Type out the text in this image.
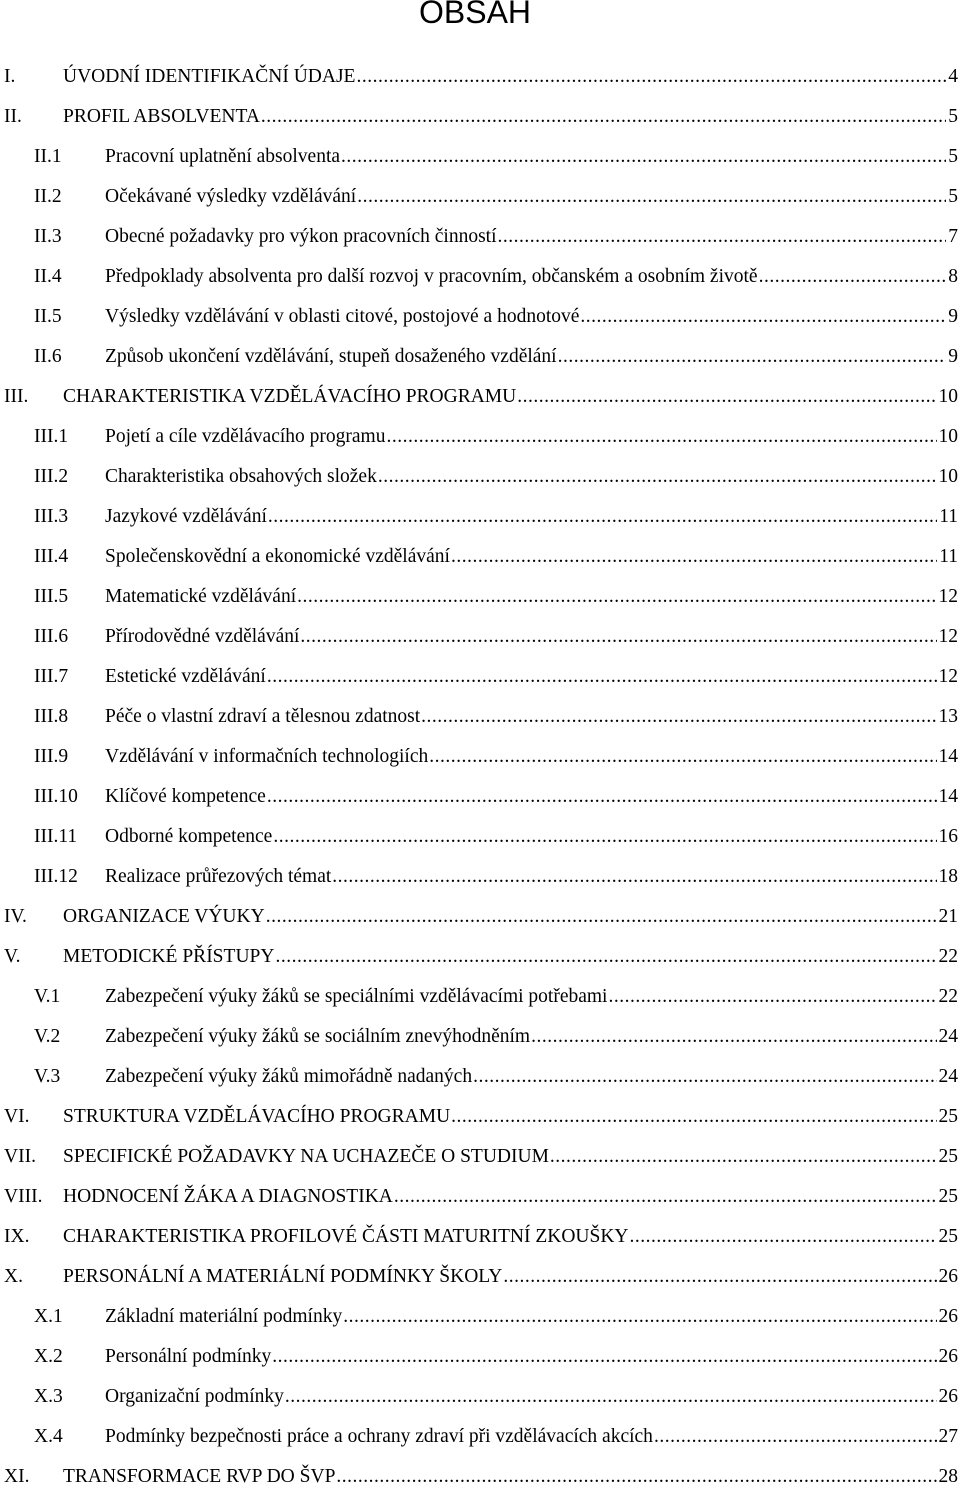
OBSAH
I. ÚVODNÍ IDENTIFIKAČNÍ ÚDAJE .....	4
II. PROFIL ABSOLVENTA .....	5
II.1 Pracovní uplatnění absolventa .....	5
II.2 Očekávané výsledky vzdělávání .....	5
II.3 Obecné požadavky pro výkon pracovních činností .....	7
II.4 Předpoklady absolventa pro další rozvoj v pracovním, občanském a osobním životě .....	8
II.5 Výsledky vzdělávání v oblasti citové, postojové a hodnotové .....	9
II.6 Způsob ukončení vzdělávání, stupeň dosaženého vzdělání .....	9
III. CHARAKTERISTIKA VZDĚLÁVACÍHO PROGRAMU .....	10
III.1 Pojetí a cíle vzdělávacího programu .....	10
III.2 Charakteristika obsahových složek .....	10
III.3 Jazykové vzdělávání .....	11
III.4 Společenskovědní a ekonomické vzdělávání .....	11
III.5 Matematické vzdělávání .....	12
III.6 Přírodovědné vzdělávání .....	12
III.7 Estetické vzdělávání .....	12
III.8 Péče o vlastní zdraví a tělesnou zdatnost .....	13
III.9 Vzdělávání v informačních technologiích .....	14
III.10 Klíčové kompetence .....	14
III.11 Odborné kompetence .....	16
III.12 Realizace průřezových témat .....	18
IV. ORGANIZACE VÝUKY .....	21
V. METODICKÉ PŘÍSTUPY .....	22
V.1 Zabezpečení výuky žáků se speciálními vzdělávacími potřebami .....	22
V.2 Zabezpečení výuky žáků se sociálním znevýhodněním .....	24
V.3 Zabezpečení výuky žáků mimořádně nadaných .....	24
VI. STRUKTURA VZDĚLÁVACÍHO PROGRAMU .....	25
VII. SPECIFICKÉ POŽADAVKY NA UCHAZEČE O STUDIUM .....	25
VIII. HODNOCENÍ ŽÁKA A DIAGNOSTIKA .....	25
IX. CHARAKTERISTIKA PROFILOVÉ ČÁSTI MATURITNÍ ZKOUŠKY .....	25
X. PERSONÁLNÍ A MATERIÁLNÍ PODMÍNKY ŠKOLY .....	26
X.1 Základní materiální podmínky .....	26
X.2 Personální podmínky .....	26
X.3 Organizační podmínky .....	26
X.4 Podmínky bezpečnosti práce a ochrany zdraví při vzdělávacích akcích .....	27
XI. TRANSFORMACE RVP DO ŠVP .....	28
